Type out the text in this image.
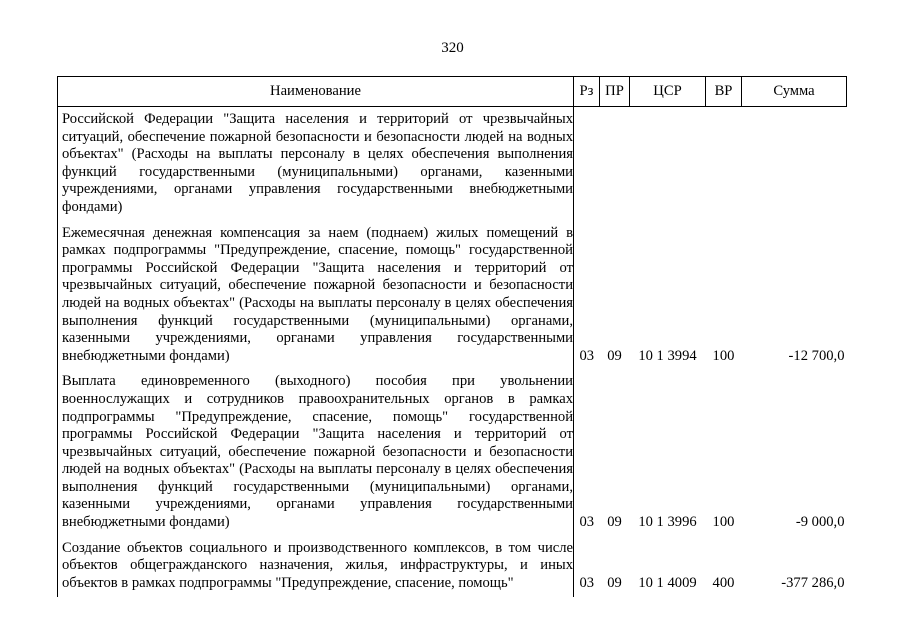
320
Наименование	Рз	ПР	ЦСР	ВР	Сумма

Российской Федерации "Защита населения и территорий от чрезвычайных ситуаций, обеспечение пожарной безопасности и безопасности людей на водных объектах" (Расходы на выплаты персоналу в целях обеспечения выполнения функций государственными (муниципальными) органами, казенными учреждениями, органами управления государственными внебюджетными фондами)					

Ежемесячная денежная компенсация за наем (поднаем) жилых помещений в рамках подпрограммы "Предупреждение, спасение, помощь" государственной программы Российской Федерации "Защита населения и территорий от чрезвычайных ситуаций, обеспечение пожарной безопасности и безопасности людей на водных объектах" (Расходы на выплаты персоналу в целях обеспечения выполнения функций государственными (муниципальными) органами, казенными учреждениями, органами управления государственными внебюджетными фондами)	03	09	10 1 3994	100	-12 700,0

Выплата единовременного (выходного) пособия при увольнении военнослужащих и сотрудников правоохранительных органов в рамках подпрограммы "Предупреждение, спасение, помощь" государственной программы Российской Федерации "Защита населения и территорий от чрезвычайных ситуаций, обеспечение пожарной безопасности и безопасности людей на водных объектах" (Расходы на выплаты персоналу в целях обеспечения выполнения функций государственными (муниципальными) органами, казенными учреждениями, органами управления государственными внебюджетными фондами)	03	09	10 1 3996	100	-9 000,0

Создание объектов социального и производственного комплексов, в том числе объектов общегражданского назначения, жилья, инфраструктуры, и иных объектов в рамках подпрограммы "Предупреждение, спасение, помощь"	03	09	10 1 4009	400	-377 286,0
